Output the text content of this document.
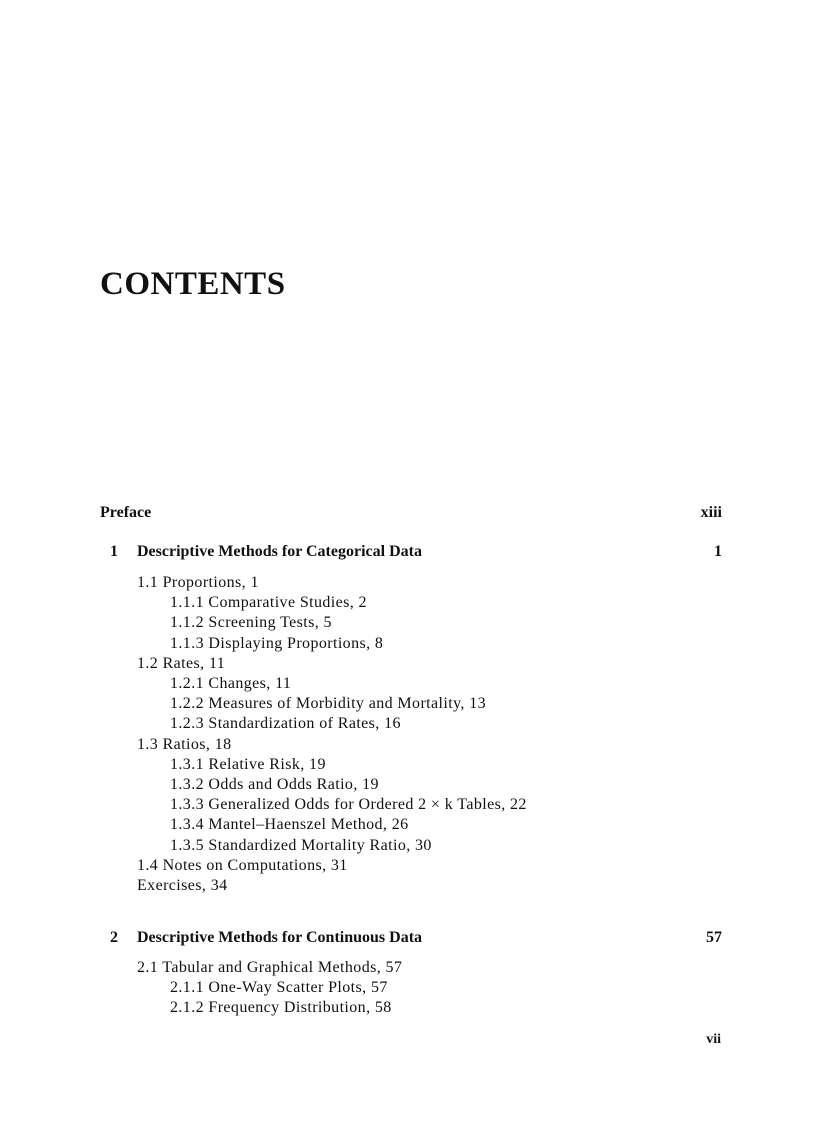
CONTENTS
Preface	xiii
1 Descriptive Methods for Categorical Data	1
1.1 Proportions, 1
1.1.1 Comparative Studies, 2
1.1.2 Screening Tests, 5
1.1.3 Displaying Proportions, 8
1.2 Rates, 11
1.2.1 Changes, 11
1.2.2 Measures of Morbidity and Mortality, 13
1.2.3 Standardization of Rates, 16
1.3 Ratios, 18
1.3.1 Relative Risk, 19
1.3.2 Odds and Odds Ratio, 19
1.3.3 Generalized Odds for Ordered 2 × k Tables, 22
1.3.4 Mantel–Haenszel Method, 26
1.3.5 Standardized Mortality Ratio, 30
1.4 Notes on Computations, 31
Exercises, 34
2 Descriptive Methods for Continuous Data	57
2.1 Tabular and Graphical Methods, 57
2.1.1 One-Way Scatter Plots, 57
2.1.2 Frequency Distribution, 58
vii
